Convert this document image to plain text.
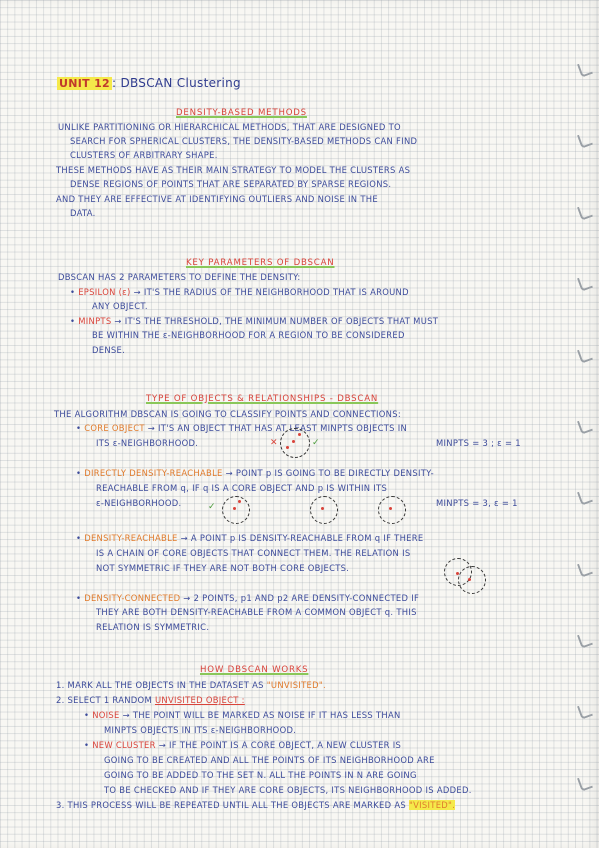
UNIT 12 : DBSCAN Clustering
DENSITY-BASED METHODS
UNLIKE PARTITIONING OR HIERARCHICAL METHODS, THAT ARE DESIGNED TO
SEARCH FOR SPHERICAL CLUSTERS, THE DENSITY-BASED METHODS CAN FIND
CLUSTERS OF ARBITRARY SHAPE.
THESE METHODS HAVE AS THEIR MAIN STRATEGY TO MODEL THE CLUSTERS AS
DENSE REGIONS OF POINTS THAT ARE SEPARATED BY SPARSE REGIONS.
AND THEY ARE EFFECTIVE AT IDENTIFYING OUTLIERS AND NOISE IN THE
DATA.
KEY PARAMETERS OF DBSCAN
DBSCAN HAS 2 PARAMETERS TO DEFINE THE DENSITY:
• EPSILON (ε) → IT'S THE RADIUS OF THE NEIGHBORHOOD THAT IS AROUND
ANY OBJECT.
• MINPTS → IT'S THE THRESHOLD, THE MINIMUM NUMBER OF OBJECTS THAT MUST
BE WITHIN THE ε-NEIGHBORHOOD FOR A REGION TO BE CONSIDERED
DENSE.
TYPE OF OBJECTS & RELATIONSHIPS - DBSCAN
THE ALGORITHM DBSCAN IS GOING TO CLASSIFY POINTS AND CONNECTIONS:
• CORE OBJECT → IT'S AN OBJECT THAT HAS AT LEAST MINPTS OBJECTS IN
ITS ε-NEIGHBORHOOD.	MINPTS = 3 ; ε = 1
✕	✓
• DIRECTLY DENSITY-REACHABLE → POINT p IS GOING TO BE DIRECTLY DENSITY-
REACHABLE FROM q, IF q IS A CORE OBJECT AND p IS WITHIN ITS
ε-NEIGHBORHOOD.	MINPTS = 3, ε = 1
✓
• DENSITY-REACHABLE → A POINT p IS DENSITY-REACHABLE FROM q IF THERE
IS A CHAIN OF CORE OBJECTS THAT CONNECT THEM. THE RELATION IS
NOT SYMMETRIC IF THEY ARE NOT BOTH CORE OBJECTS.
• DENSITY-CONNECTED → 2 POINTS, p1 AND p2 ARE DENSITY-CONNECTED IF
THEY ARE BOTH DENSITY-REACHABLE FROM A COMMON OBJECT q. THIS
RELATION IS SYMMETRIC.
HOW DBSCAN WORKS
1. MARK ALL THE OBJECTS IN THE DATASET AS "UNVISITED".
2. SELECT 1 RANDOM UNVISITED OBJECT :
• NOISE → THE POINT WILL BE MARKED AS NOISE IF IT HAS LESS THAN
MINPTS OBJECTS IN ITS ε-NEIGHBORHOOD.
• NEW CLUSTER → IF THE POINT IS A CORE OBJECT, A NEW CLUSTER IS
GOING TO BE CREATED AND ALL THE POINTS OF ITS NEIGHBORHOOD ARE
GOING TO BE ADDED TO THE SET N. ALL THE POINTS IN N ARE GOING
TO BE CHECKED AND IF THEY ARE CORE OBJECTS, ITS NEIGHBORHOOD IS ADDED.
3. THIS PROCESS WILL BE REPEATED UNTIL ALL THE OBJECTS ARE MARKED AS "VISITED".
